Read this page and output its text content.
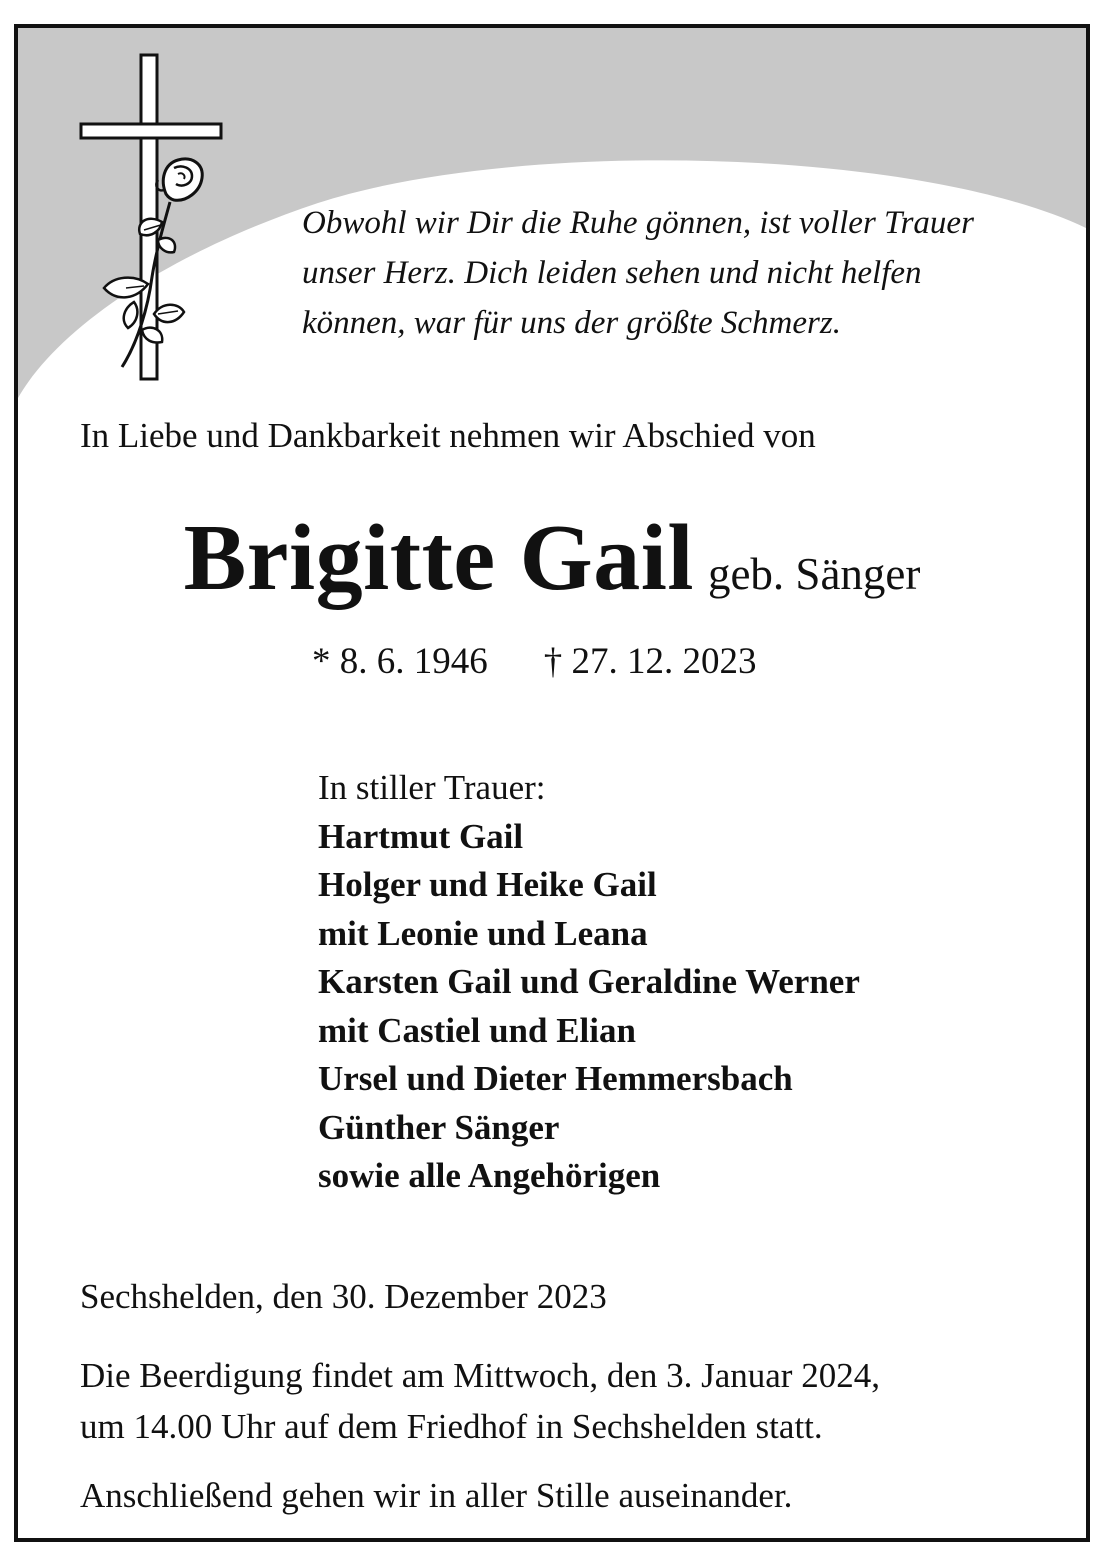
Obwohl wir Dir die Ruhe gönnen, ist voller Trauer
unser Herz. Dich leiden sehen und nicht helfen
können, war für uns der größte Schmerz.
In Liebe und Dankbarkeit nehmen wir Abschied von
Brigitte Gail geb. Sänger
* 8. 6. 1946 † 27. 12. 2023
In stiller Trauer:
Hartmut Gail
Holger und Heike Gail
mit Leonie und Leana
Karsten Gail und Geraldine Werner
mit Castiel und Elian
Ursel und Dieter Hemmersbach
Günther Sänger
sowie alle Angehörigen
Sechshelden, den 30. Dezember 2023
Die Beerdigung findet am Mittwoch, den 3. Januar 2024,
um 14.00 Uhr auf dem Friedhof in Sechshelden statt.
Anschließend gehen wir in aller Stille auseinander.
